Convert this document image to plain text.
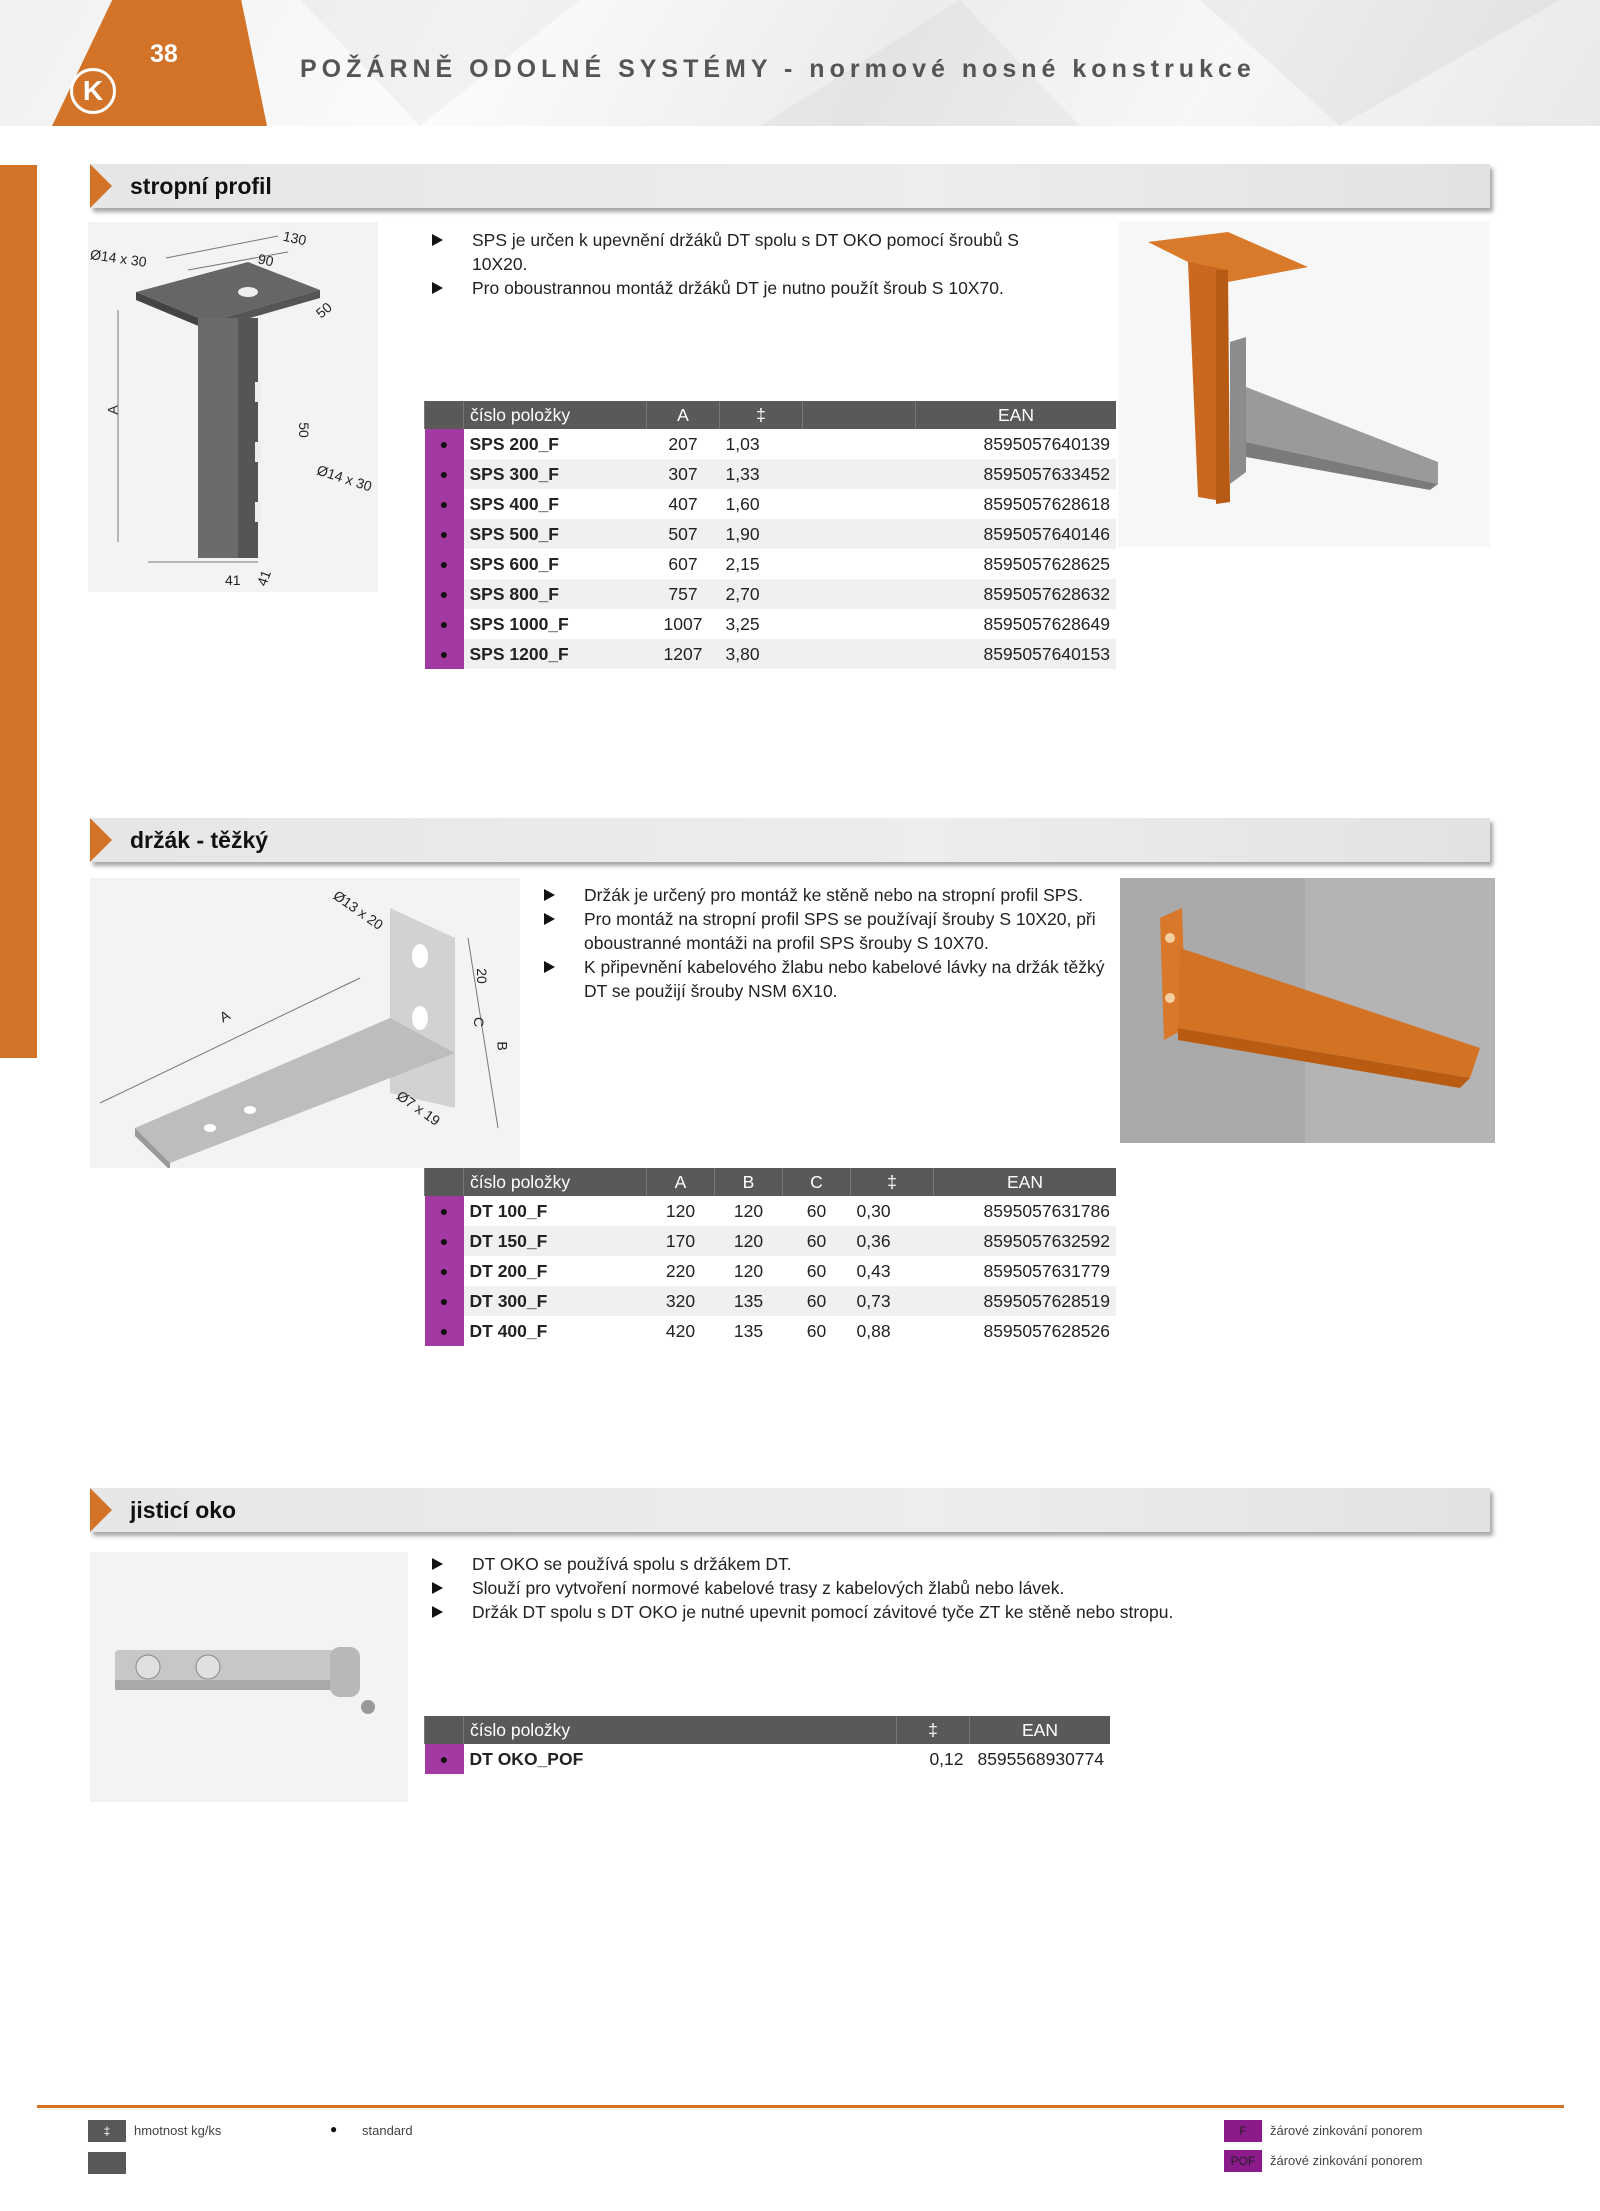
38
K
POŽÁRNĚ ODOLNÉ SYSTÉMY - normové nosné konstrukce
stropní profil
Ø14 x 30
130
90
50
A
50
Ø14 x 30
41 41
SPS je určen k upevnění držáků DT spolu s DT OKO pomocí šroubů S 10X20.
Pro oboustrannou montáž držáků DT je nutno použít šroub S 10X70.
	číslo položky	A	‡		EAN
●	SPS 200_F	207	1,03		8595057640139
●	SPS 300_F	307	1,33		8595057633452
●	SPS 400_F	407	1,60		8595057628618
●	SPS 500_F	507	1,90		8595057640146
●	SPS 600_F	607	2,15		8595057628625
●	SPS 800_F	757	2,70		8595057628632
●	SPS 1000_F	1007	3,25		8595057628649
●	SPS 1200_F	1207	3,80		8595057640153
držák - těžký
Ø13 x 20
20
C
B
A
Ø7 x 19
Držák je určený pro montáž ke stěně nebo na stropní profil SPS.
Pro montáž na stropní profil SPS se používají šrouby S 10X20, při oboustranné montáži na profil SPS šrouby S 10X70.
K připevnění kabelového žlabu nebo kabelové lávky na držák těžký DT se použijí šrouby NSM 6X10.
	číslo položky	A	B	C	‡	EAN
●	DT 100_F	120	120	60	0,30	8595057631786
●	DT 150_F	170	120	60	0,36	8595057632592
●	DT 200_F	220	120	60	0,43	8595057631779
●	DT 300_F	320	135	60	0,73	8595057628519
●	DT 400_F	420	135	60	0,88	8595057628526
jisticí oko
DT OKO se používá spolu s držákem DT.
Slouží pro vytvoření normové kabelové trasy z kabelových žlabů nebo lávek.
Držák DT spolu s DT OKO je nutné upevnit pomocí závitové tyče ZT ke stěně nebo stropu.
	číslo položky	‡	EAN
●	DT OKO_POF	0,12	8595568930774
‡	hmotnost kg/ks	● standard	F	žárové zinkování ponorem
POF	žárové zinkování ponorem
